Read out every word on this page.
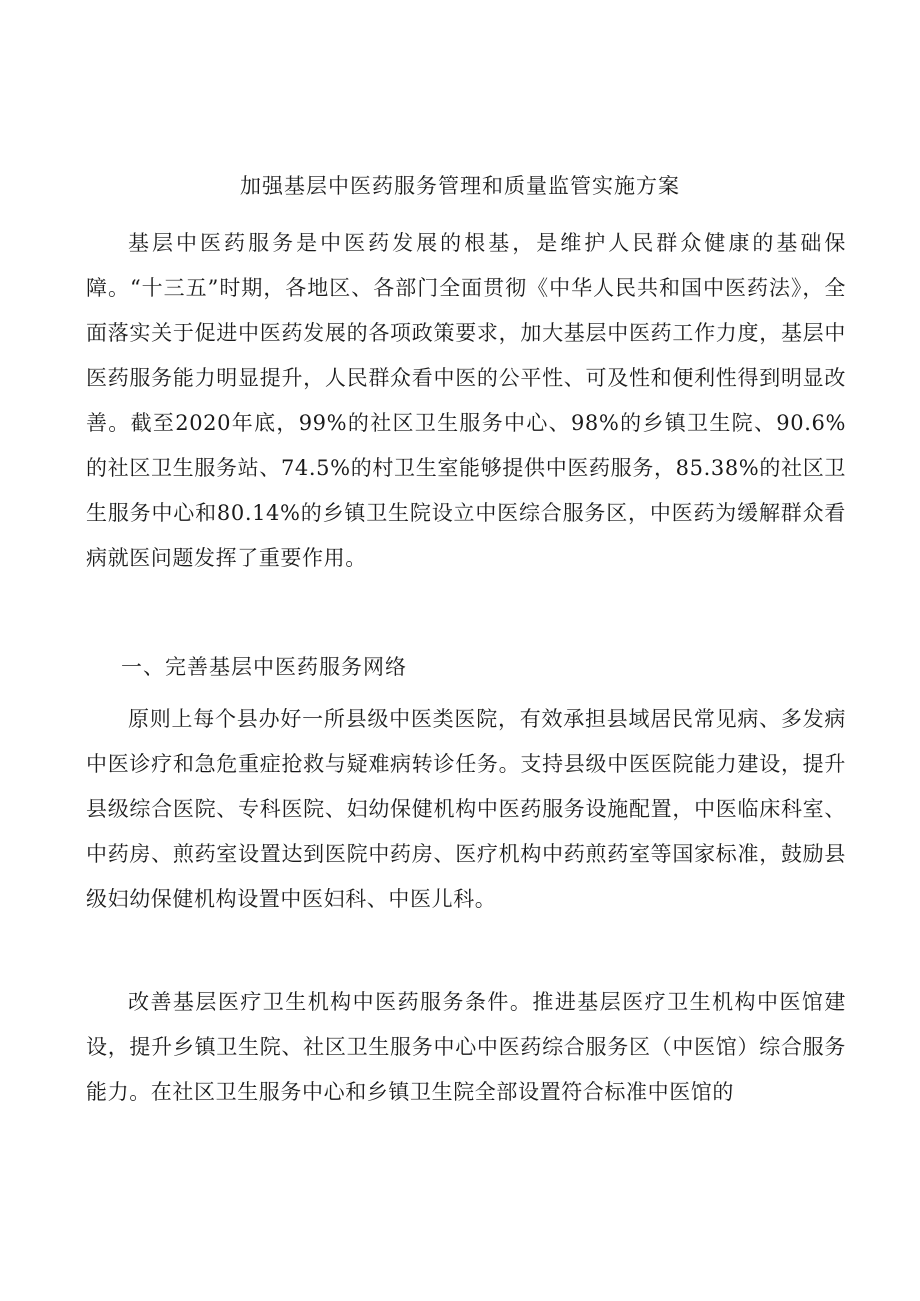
加强基层中医药服务管理和质量监管实施方案

基层中医药服务是中医药发展的根基，是维护人民群众健康的基础保障。“十三五”时期，各地区、各部门全面贯彻《中华人民共和国中医药法》，全面落实关于促进中医药发展的各项政策要求，加大基层中医药工作力度，基层中医药服务能力明显提升，人民群众看中医的公平性、可及性和便利性得到明显改善。截至2020年底，99%的社区卫生服务中心、98%的乡镇卫生院、90.6%的社区卫生服务站、74.5%的村卫生室能够提供中医药服务，85.38%的社区卫生服务中心和80.14%的乡镇卫生院设立中医综合服务区，中医药为缓解群众看病就医问题发挥了重要作用。

一、完善基层中医药服务网络

原则上每个县办好一所县级中医类医院，有效承担县域居民常见病、多发病中医诊疗和急危重症抢救与疑难病转诊任务。支持县级中医医院能力建设，提升县级综合医院、专科医院、妇幼保健机构中医药服务设施配置，中医临床科室、中药房、煎药室设置达到医院中药房、医疗机构中药煎药室等国家标准，鼓励县级妇幼保健机构设置中医妇科、中医儿科。

改善基层医疗卫生机构中医药服务条件。推进基层医疗卫生机构中医馆建设，提升乡镇卫生院、社区卫生服务中心中医药综合服务区（中医馆）综合服务能力。在社区卫生服务中心和乡镇卫生院全部设置符合标准中医馆的
